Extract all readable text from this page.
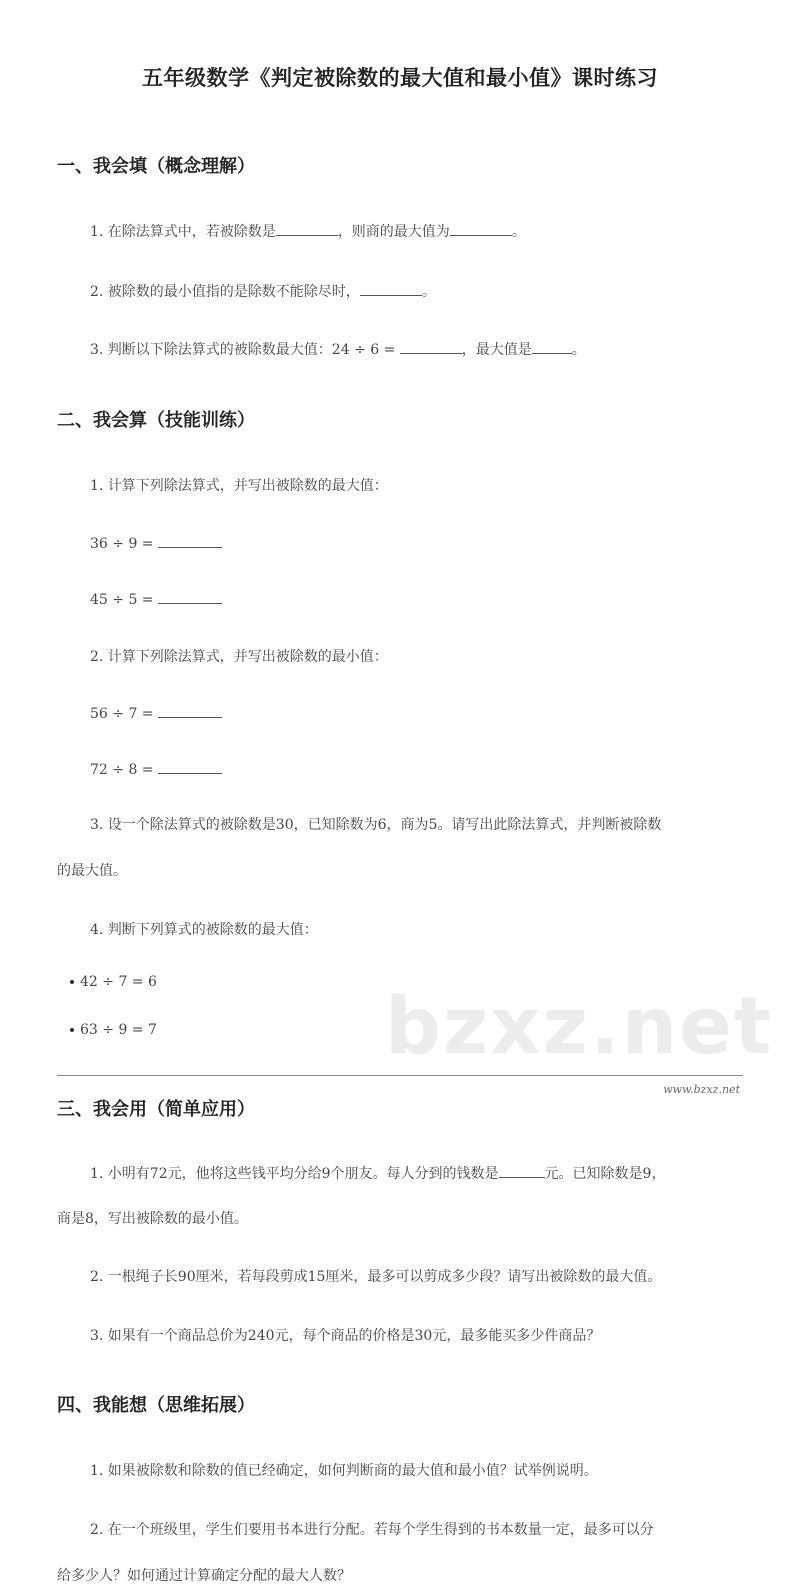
bzxz.net
五年级数学《判定被除数的最大值和最小值》课时练习
一、我会填（概念理解）
1. 在除法算式中，若被除数是	，则商的最大值为	。
2. 被除数的最小值指的是除数不能除尽时，	。
3. 判断以下除法算式的被除数最大值：24 ÷ 6 =	，最大值是	。
二、我会算（技能训练）
1. 计算下列除法算式，并写出被除数的最大值：
36 ÷ 9 =
45 ÷ 5 =
2. 计算下列除法算式，并写出被除数的最小值：
56 ÷ 7 =
72 ÷ 8 =
3. 设一个除法算式的被除数是30，已知除数为6，商为5。请写出此除法算式，并判断被除数
的最大值。
4. 判断下列算式的被除数的最大值：
42 ÷ 7 = 6
63 ÷ 9 = 7
三、我会用（简单应用）
1. 小明有72元，他将这些钱平均分给9个朋友。每人分到的钱数是	元。已知除数是9，
商是8，写出被除数的最小值。
2. 一根绳子长90厘米，若每段剪成15厘米，最多可以剪成多少段？请写出被除数的最大值。
3. 如果有一个商品总价为240元，每个商品的价格是30元，最多能买多少件商品？
四、我能想（思维拓展）
1. 如果被除数和除数的值已经确定，如何判断商的最大值和最小值？试举例说明。
2. 在一个班级里，学生们要用书本进行分配。若每个学生得到的书本数量一定，最多可以分
给多少人？如何通过计算确定分配的最大人数？
www.bzxz.net
